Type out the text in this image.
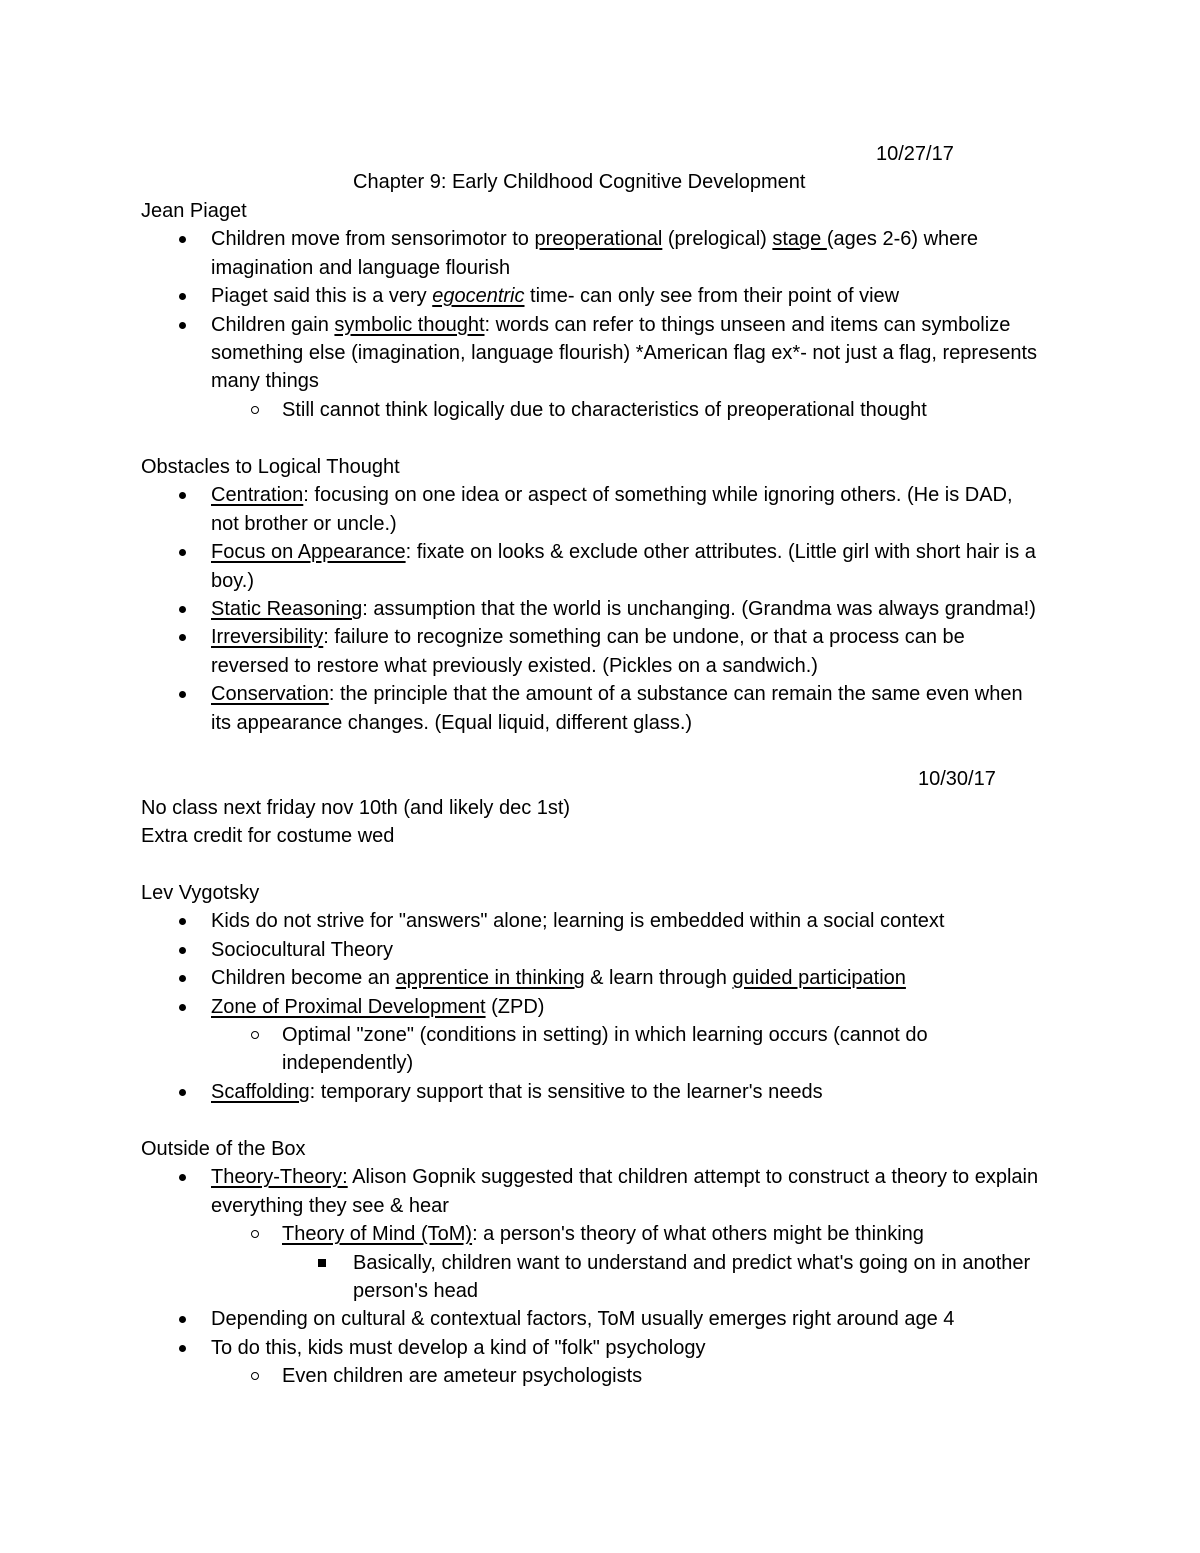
10/27/17
Chapter 9: Early Childhood Cognitive Development
Jean Piaget
Children move from sensorimotor to preoperational (prelogical) stage (ages 2-6) where imagination and language flourish
Piaget said this is a very egocentric time- can only see from their point of view
Children gain symbolic thought: words can refer to things unseen and items can symbolize something else (imagination, language flourish) *American flag ex*- not just a flag, represents many things
Still cannot think logically due to characteristics of preoperational thought
Obstacles to Logical Thought
Centration: focusing on one idea or aspect of something while ignoring others. (He is DAD, not brother or uncle.)
Focus on Appearance: fixate on looks & exclude other attributes. (Little girl with short hair is a boy.)
Static Reasoning: assumption that the world is unchanging. (Grandma was always grandma!)
Irreversibility: failure to recognize something can be undone, or that a process can be reversed to restore what previously existed. (Pickles on a sandwich.)
Conservation: the principle that the amount of a substance can remain the same even when its appearance changes. (Equal liquid, different glass.)
10/30/17
No class next friday nov 10th (and likely dec 1st)
Extra credit for costume wed
Lev Vygotsky
Kids do not strive for "answers" alone; learning is embedded within a social context
Sociocultural Theory
Children become an apprentice in thinking & learn through guided participation
Zone of Proximal Development (ZPD)
Optimal "zone" (conditions in setting) in which learning occurs (cannot do independently)
Scaffolding: temporary support that is sensitive to the learner's needs
Outside of the Box
Theory-Theory: Alison Gopnik suggested that children attempt to construct a theory to explain everything they see & hear
Theory of Mind (ToM): a person's theory of what others might be thinking
Basically, children want to understand and predict what's going on in another person's head
Depending on cultural & contextual factors, ToM usually emerges right around age 4
To do this, kids must develop a kind of "folk" psychology
Even children are ameteur psychologists
